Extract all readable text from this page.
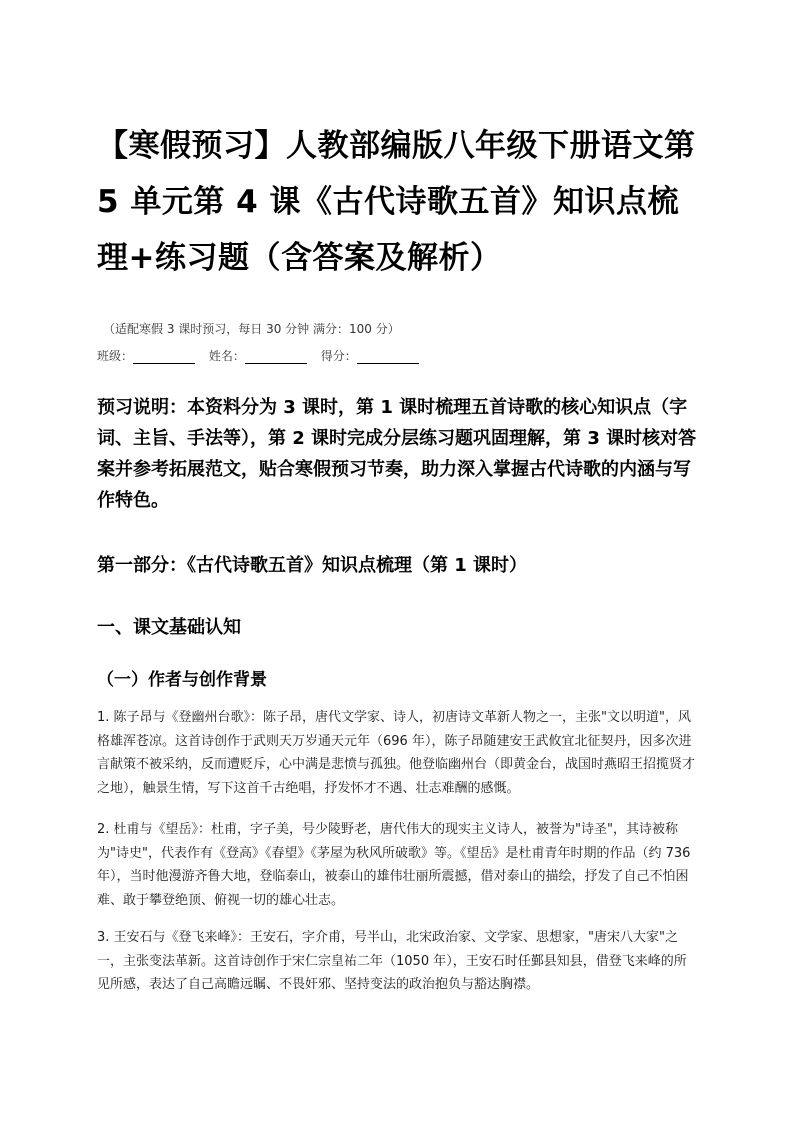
【寒假预习】人教部编版八年级下册语文第 5 单元第 4 课《古代诗歌五首》知识点梳理+练习题（含答案及解析）

（适配寒假 3 课时预习，每日 30 分钟 满分：100 分）

班级：	姓名：	得分：

预习说明：本资料分为 3 课时，第 1 课时梳理五首诗歌的核心知识点（字词、主旨、手法等），第 2 课时完成分层练习题巩固理解，第 3 课时核对答案并参考拓展范文，贴合寒假预习节奏，助力深入掌握古代诗歌的内涵与写作特色。

第一部分：《古代诗歌五首》知识点梳理（第 1 课时）
一、课文基础认知
（一）作者与创作背景

1. 陈子昂与《登幽州台歌》：陈子昂，唐代文学家、诗人，初唐诗文革新人物之一，主张"文以明道"，风格雄浑苍凉。这首诗创作于武则天万岁通天元年（696 年），陈子昂随建安王武攸宜北征契丹，因多次进言献策不被采纳，反而遭贬斥，心中满是悲愤与孤独。他登临幽州台（即黄金台，战国时燕昭王招揽贤才之地），触景生情，写下这首千古绝唱，抒发怀才不遇、壮志难酬的感慨。

2. 杜甫与《望岳》：杜甫，字子美，号少陵野老，唐代伟大的现实主义诗人，被誉为"诗圣"，其诗被称为"诗史"，代表作有《登高》《春望》《茅屋为秋风所破歌》等。《望岳》是杜甫青年时期的作品（约 736 年），当时他漫游齐鲁大地，登临泰山，被泰山的雄伟壮丽所震撼，借对泰山的描绘，抒发了自己不怕困难、敢于攀登绝顶、俯视一切的雄心壮志。

3. 王安石与《登飞来峰》：王安石，字介甫，号半山，北宋政治家、文学家、思想家，"唐宋八大家"之一，主张变法革新。这首诗创作于宋仁宗皇祐二年（1050 年），王安石时任鄞县知县，借登飞来峰的所见所感，表达了自己高瞻远瞩、不畏奸邪、坚持变法的政治抱负与豁达胸襟。
